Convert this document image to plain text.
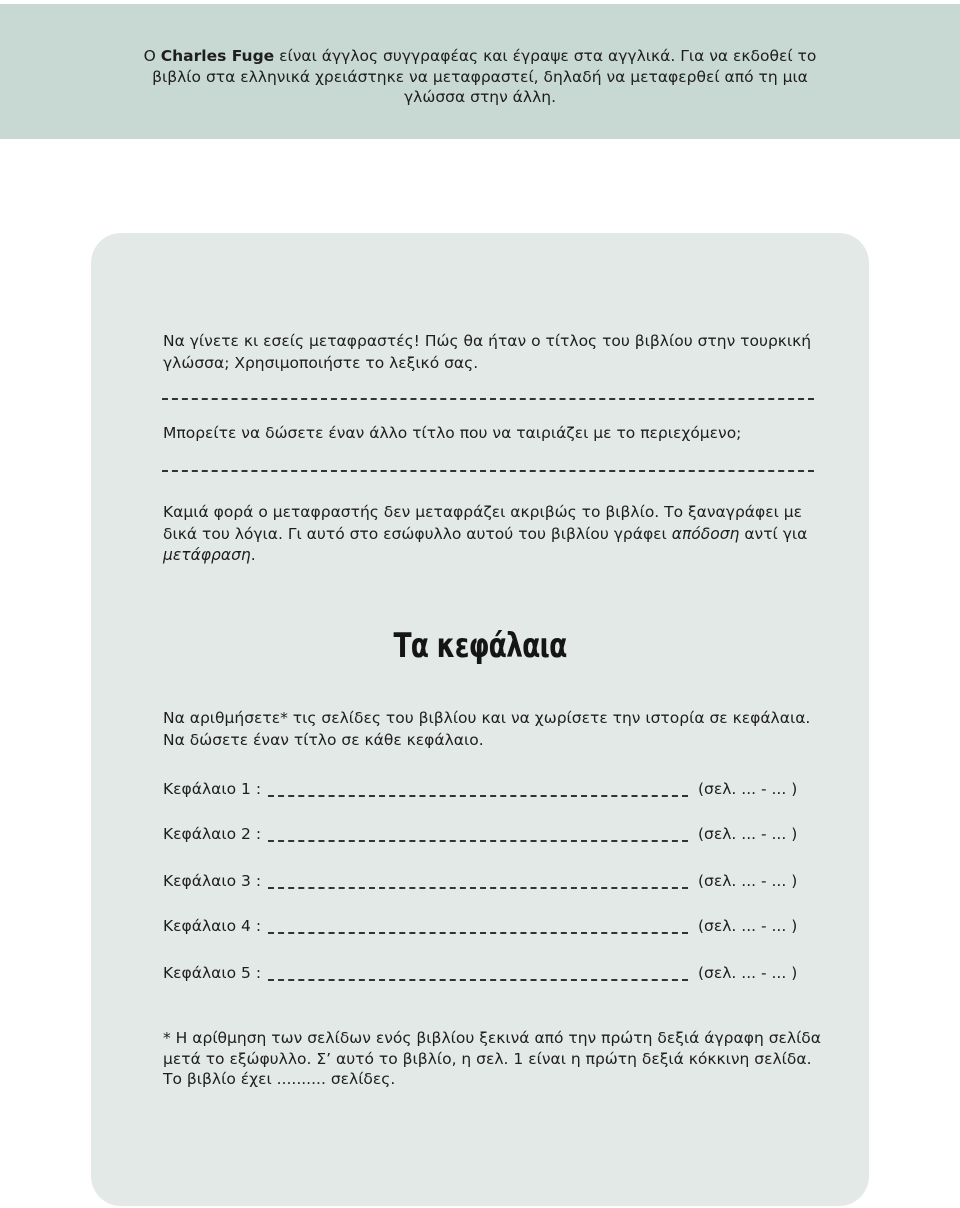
Ο Charles Fuge είναι άγγλος συγγραφέας και έγραψε στα αγγλικά. Για να εκδοθεί το βιβλίο στα ελληνικά χρειάστηκε να μεταφραστεί, δηλαδή να μεταφερθεί από τη μια γλώσσα στην άλλη.

Να γίνετε κι εσείς μεταφραστές! Πώς θα ήταν ο τίτλος του βιβλίου στην τουρκική γλώσσα; Χρησιμοποιήστε το λεξικό σας.

Μπορείτε να δώσετε έναν άλλο τίτλο που να ταιριάζει με το περιεχόμενο;

Καμιά φορά ο μεταφραστής δεν μεταφράζει ακριβώς το βιβλίο. Το ξαναγράφει με δικά του λόγια. Γι αυτό στο εσώφυλλο αυτού του βιβλίου γράφει απόδοση αντί για μετάφραση.

Τα κεφάλαια

Να αριθμήσετε* τις σελίδες του βιβλίου και να χωρίσετε την ιστορία σε κεφάλαια.
Να δώσετε έναν τίτλο σε κάθε κεφάλαιο.

Κεφάλαιο 1 :	(σελ. ... - ... )
Κεφάλαιο 2 :	(σελ. ... - ... )
Κεφάλαιο 3 :	(σελ. ... - ... )
Κεφάλαιο 4 :	(σελ. ... - ... )
Κεφάλαιο 5 :	(σελ. ... - ... )

* Η αρίθμηση των σελίδων ενός βιβλίου ξεκινά από την πρώτη δεξιά άγραφη σελίδα μετά το εξώφυλλο. Σ’ αυτό το βιβλίο, η σελ. 1 είναι η πρώτη δεξιά κόκκινη σελίδα.
Το βιβλίο έχει .......... σελίδες.
